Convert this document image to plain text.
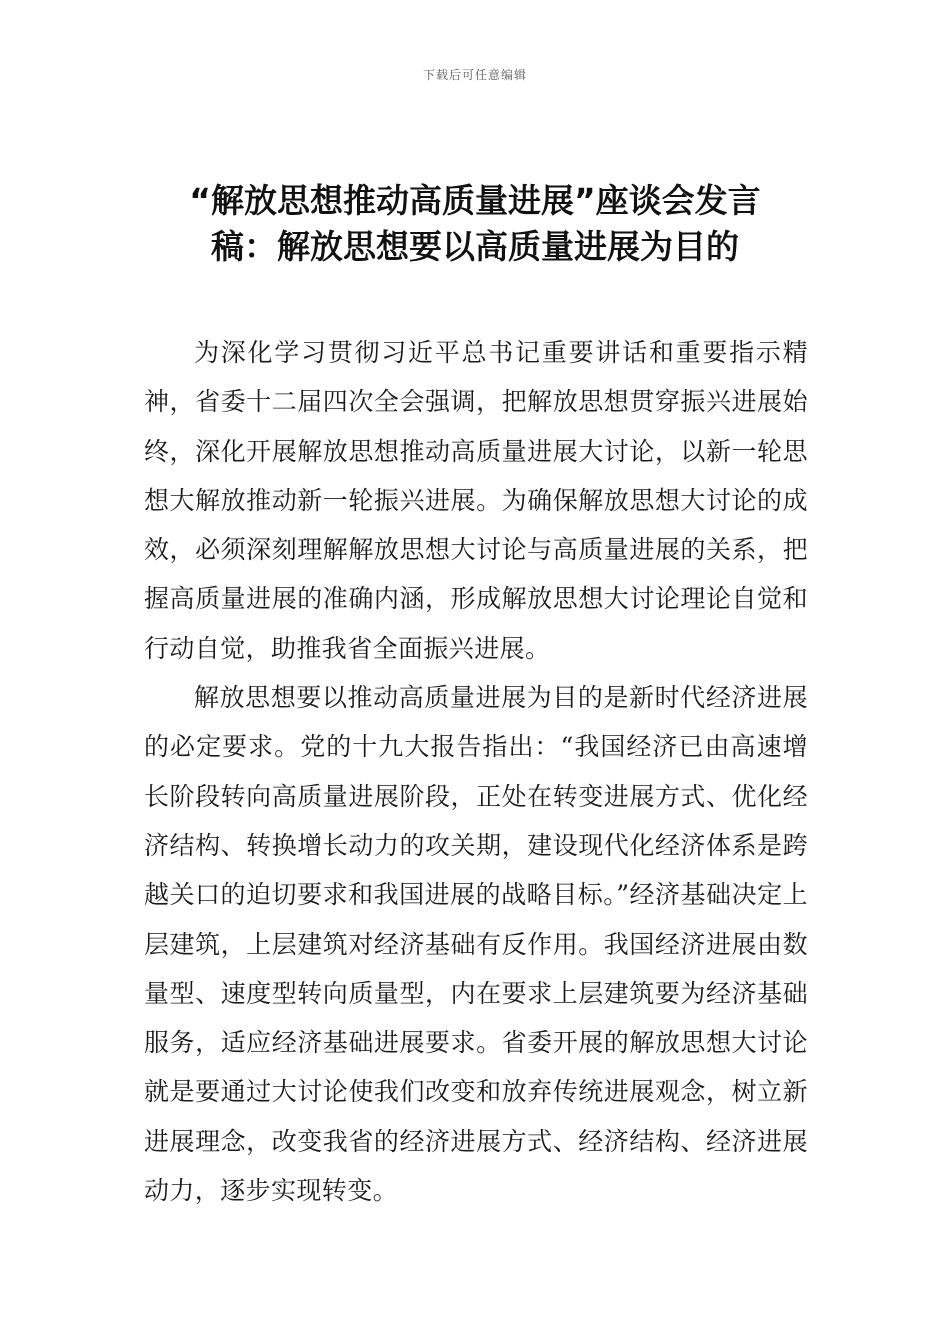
下载后可任意编辑
“解放思想推动高质量进展”座谈会发言
稿：解放思想要以高质量进展为目的

为深化学习贯彻习近平总书记重要讲话和重要指示精神，省委十二届四次全会强调，把解放思想贯穿振兴进展始终，深化开展解放思想推动高质量进展大讨论，以新一轮思想大解放推动新一轮振兴进展。为确保解放思想大讨论的成效，必须深刻理解解放思想大讨论与高质量进展的关系，把握高质量进展的准确内涵，形成解放思想大讨论理论自觉和行动自觉，助推我省全面振兴进展。

解放思想要以推动高质量进展为目的是新时代经济进展的必定要求。党的十九大报告指出：“我国经济已由高速增长阶段转向高质量进展阶段，正处在转变进展方式、优化经济结构、转换增长动力的攻关期，建设现代化经济体系是跨越关口的迫切要求和我国进展的战略目标。”经济基础决定上层建筑，上层建筑对经济基础有反作用。我国经济进展由数量型、速度型转向质量型，内在要求上层建筑要为经济基础服务，适应经济基础进展要求。省委开展的解放思想大讨论就是要通过大讨论使我们改变和放弃传统进展观念，树立新进展理念，改变我省的经济进展方式、经济结构、经济进展动力，逐步实现转变。
